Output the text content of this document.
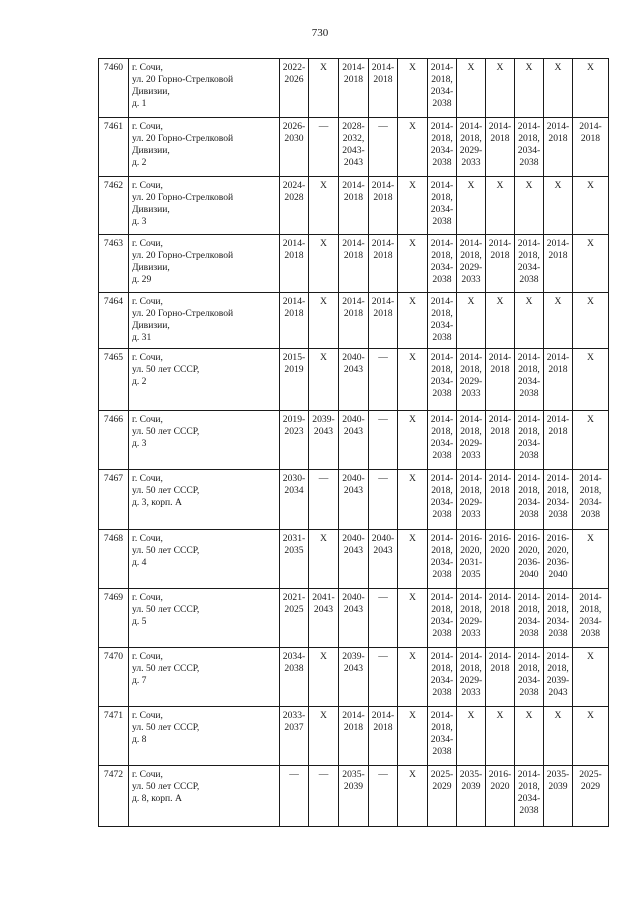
730
7460	г. Сочи,
ул. 20 Горно-Стрелковой
Дивизии,
д. 1	2022-
2026	X	2014-
2018	2014-
2018	X	2014-
2018,
2034-
2038	X	X	X	X	X
7461	г. Сочи,
ул. 20 Горно-Стрелковой
Дивизии,
д. 2	2026-
2030	—	2028-
2032,
2043-
2043	—	X	2014-
2018,
2034-
2038	2014-
2018,
2029-
2033	2014-
2018	2014-
2018,
2034-
2038	2014-
2018	2014-
2018
7462	г. Сочи,
ул. 20 Горно-Стрелковой
Дивизии,
д. 3	2024-
2028	X	2014-
2018	2014-
2018	X	2014-
2018,
2034-
2038	X	X	X	X	X
7463	г. Сочи,
ул. 20 Горно-Стрелковой
Дивизии,
д. 29	2014-
2018	X	2014-
2018	2014-
2018	X	2014-
2018,
2034-
2038	2014-
2018,
2029-
2033	2014-
2018	2014-
2018,
2034-
2038	2014-
2018	X
7464	г. Сочи,
ул. 20 Горно-Стрелковой
Дивизии,
д. 31	2014-
2018	X	2014-
2018	2014-
2018	X	2014-
2018,
2034-
2038	X	X	X	X	X
7465	г. Сочи,
ул. 50 лет СССР,
д. 2	2015-
2019	X	2040-
2043	—	X	2014-
2018,
2034-
2038	2014-
2018,
2029-
2033	2014-
2018	2014-
2018,
2034-
2038	2014-
2018	X
7466	г. Сочи,
ул. 50 лет СССР,
д. 3	2019-
2023	2039-
2043	2040-
2043	—	X	2014-
2018,
2034-
2038	2014-
2018,
2029-
2033	2014-
2018	2014-
2018,
2034-
2038	2014-
2018	X
7467	г. Сочи,
ул. 50 лет СССР,
д. 3, корп. А	2030-
2034	—	2040-
2043	—	X	2014-
2018,
2034-
2038	2014-
2018,
2029-
2033	2014-
2018	2014-
2018,
2034-
2038	2014-
2018,
2034-
2038	2014-
2018,
2034-
2038
7468	г. Сочи,
ул. 50 лет СССР,
д. 4	2031-
2035	X	2040-
2043	2040-
2043	X	2014-
2018,
2034-
2038	2016-
2020,
2031-
2035	2016-
2020	2016-
2020,
2036-
2040	2016-
2020,
2036-
2040	X
7469	г. Сочи,
ул. 50 лет СССР,
д. 5	2021-
2025	2041-
2043	2040-
2043	—	X	2014-
2018,
2034-
2038	2014-
2018,
2029-
2033	2014-
2018	2014-
2018,
2034-
2038	2014-
2018,
2034-
2038	2014-
2018,
2034-
2038
7470	г. Сочи,
ул. 50 лет СССР,
д. 7	2034-
2038	X	2039-
2043	—	X	2014-
2018,
2034-
2038	2014-
2018,
2029-
2033	2014-
2018	2014-
2018,
2034-
2038	2014-
2018,
2039-
2043	X
7471	г. Сочи,
ул. 50 лет СССР,
д. 8	2033-
2037	X	2014-
2018	2014-
2018	X	2014-
2018,
2034-
2038	X	X	X	X	X
7472	г. Сочи,
ул. 50 лет СССР,
д. 8, корп. А	—	—	2035-
2039	—	X	2025-
2029	2035-
2039	2016-
2020	2014-
2018,
2034-
2038	2035-
2039	2025-
2029
